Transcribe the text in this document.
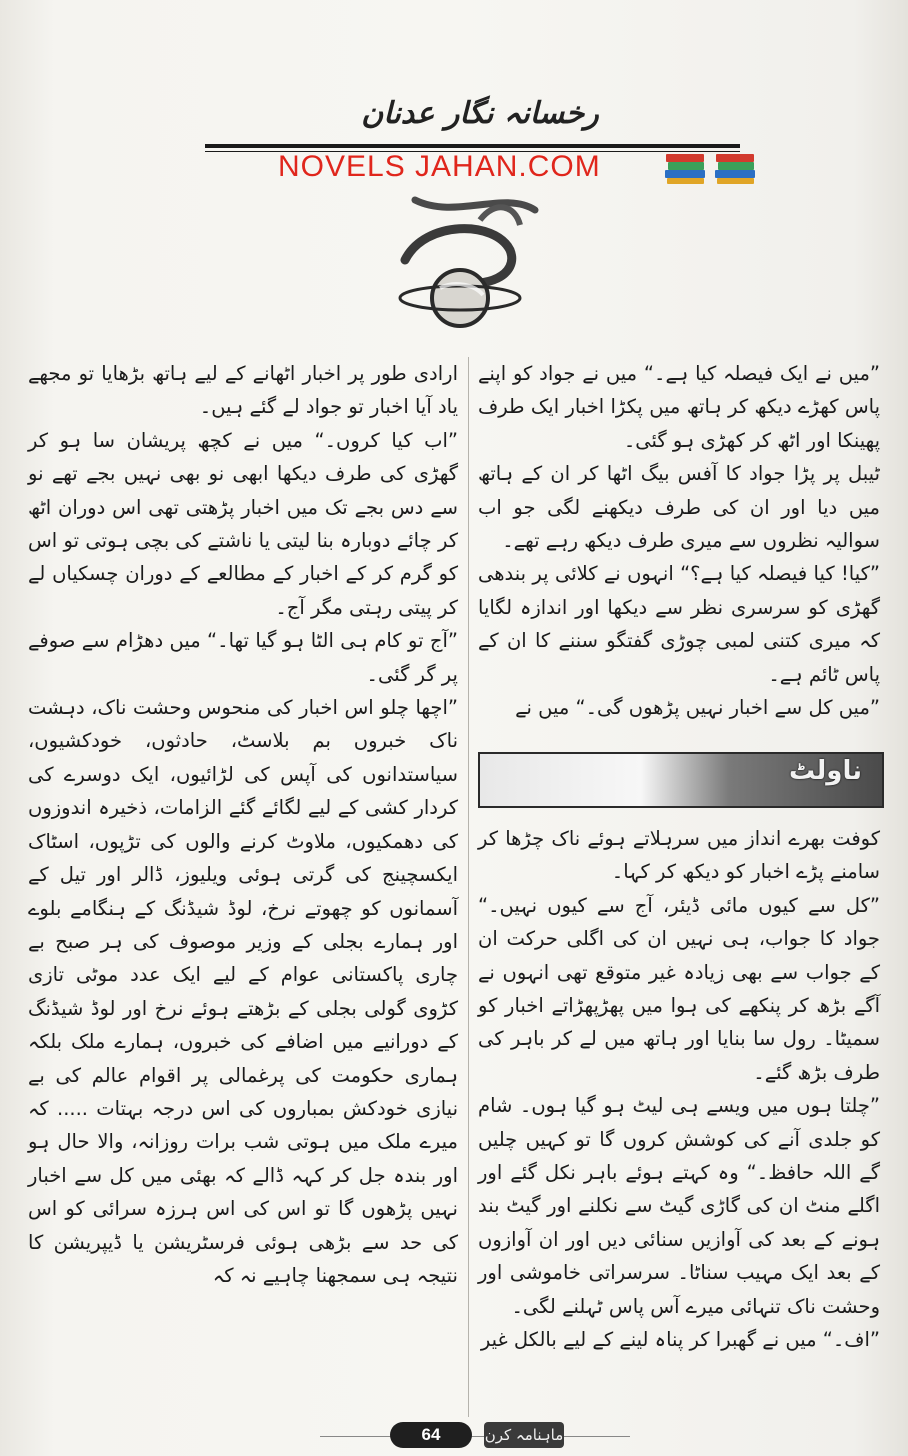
رخسانہ نگار عدنان
NOVELS JAHAN.COM

”میں نے ایک فیصلہ کیا ہے۔“ میں نے جواد کو اپنے پاس کھڑے دیکھ کر ہاتھ میں پکڑا اخبار ایک طرف پھینکا اور اٹھ کر کھڑی ہو گئی۔

ٹیبل پر پڑا جواد کا آفس بیگ اٹھا کر ان کے ہاتھ میں دیا اور ان کی طرف دیکھنے لگی جو اب سوالیہ نظروں سے میری طرف دیکھ رہے تھے۔

”کیا! کیا فیصلہ کیا ہے؟“ انہوں نے کلائی پر بندھی گھڑی کو سرسری نظر سے دیکھا اور اندازہ لگایا کہ میری کتنی لمبی چوڑی گفتگو سننے کا ان کے پاس ٹائم ہے۔

”میں کل سے اخبار نہیں پڑھوں گی۔“ میں نے

ناولٹ

کوفت بھرے انداز میں سرہلاتے ہوئے ناک چڑھا کر سامنے پڑے اخبار کو دیکھ کر کہا۔

”کل سے کیوں مائی ڈیئر، آج سے کیوں نہیں۔“ جواد کا جواب، ہی نہیں ان کی اگلی حرکت ان کے جواب سے بھی زیادہ غیر متوقع تھی انہوں نے آگے بڑھ کر پنکھے کی ہوا میں پھڑپھڑاتے اخبار کو سمیٹا۔ رول سا بنایا اور ہاتھ میں لے کر باہر کی طرف بڑھ گئے۔

”چلتا ہوں میں ویسے ہی لیٹ ہو گیا ہوں۔ شام کو جلدی آنے کی کوشش کروں گا تو کہیں چلیں گے اللہ حافظ۔“ وہ کہتے ہوئے باہر نکل گئے اور اگلے منٹ ان کی گاڑی گیٹ سے نکلنے اور گیٹ بند ہونے کے بعد کی آوازیں سنائی دیں اور ان آوازوں کے بعد ایک مہیب سناٹا۔ سرسراتی خاموشی اور وحشت ناک تنہائی میرے آس پاس ٹہلنے لگی۔

”اف۔“ میں نے گھبرا کر پناہ لینے کے لیے بالکل غیر

ارادی طور پر اخبار اٹھانے کے لیے ہاتھ بڑھایا تو مجھے یاد آیا اخبار تو جواد لے گئے ہیں۔

”اب کیا کروں۔“ میں نے کچھ پریشان سا ہو کر گھڑی کی طرف دیکھا ابھی نو بھی نہیں بجے تھے نو سے دس بجے تک میں اخبار پڑھتی تھی اس دوران اٹھ کر چائے دوبارہ بنا لیتی یا ناشتے کی بچی ہوتی تو اس کو گرم کر کے اخبار کے مطالعے کے دوران چسکیاں لے کر پیتی رہتی مگر آج۔

”آج تو کام ہی الٹا ہو گیا تھا۔“ میں دھڑام سے صوفے پر گر گئی۔

”اچھا چلو اس اخبار کی منحوس وحشت ناک، دہشت ناک خبروں بم بلاسٹ، حادثوں، خودکشیوں، سیاستدانوں کی آپس کی لڑائیوں، ایک دوسرے کی کردار کشی کے لیے لگائے گئے الزامات، ذخیرہ اندوزوں کی دھمکیوں، ملاوٹ کرنے والوں کی تڑپوں، اسٹاک ایکسچینج کی گرتی ہوئی ویلیوز، ڈالر اور تیل کے آسمانوں کو چھوتے نرخ، لوڈ شیڈنگ کے ہنگامے بلوے اور ہمارے بجلی کے وزیر موصوف کی ہر صبح بے چاری پاکستانی عوام کے لیے ایک عدد موٹی تازی کڑوی گولی بجلی کے بڑھتے ہوئے نرخ اور لوڈ شیڈنگ کے دورانیے میں اضافے کی خبروں، ہمارے ملک بلکہ ہماری حکومت کی پرغمالی پر اقوام عالم کی بے نیازی خودکش بمباروں کی اس درجہ بہتات ..... کہ میرے ملک میں ہوتی شب برات روزانہ، والا حال ہو اور بندہ جل کر کہہ ڈالے کہ بھئی میں کل سے اخبار نہیں پڑھوں گا تو اس کی اس ہرزہ سرائی کو اس کی حد سے بڑھی ہوئی فرسٹریشن یا ڈیپریشن کا نتیجہ ہی سمجھنا چاہیے نہ کہ

64	ماہنامہ کرن
